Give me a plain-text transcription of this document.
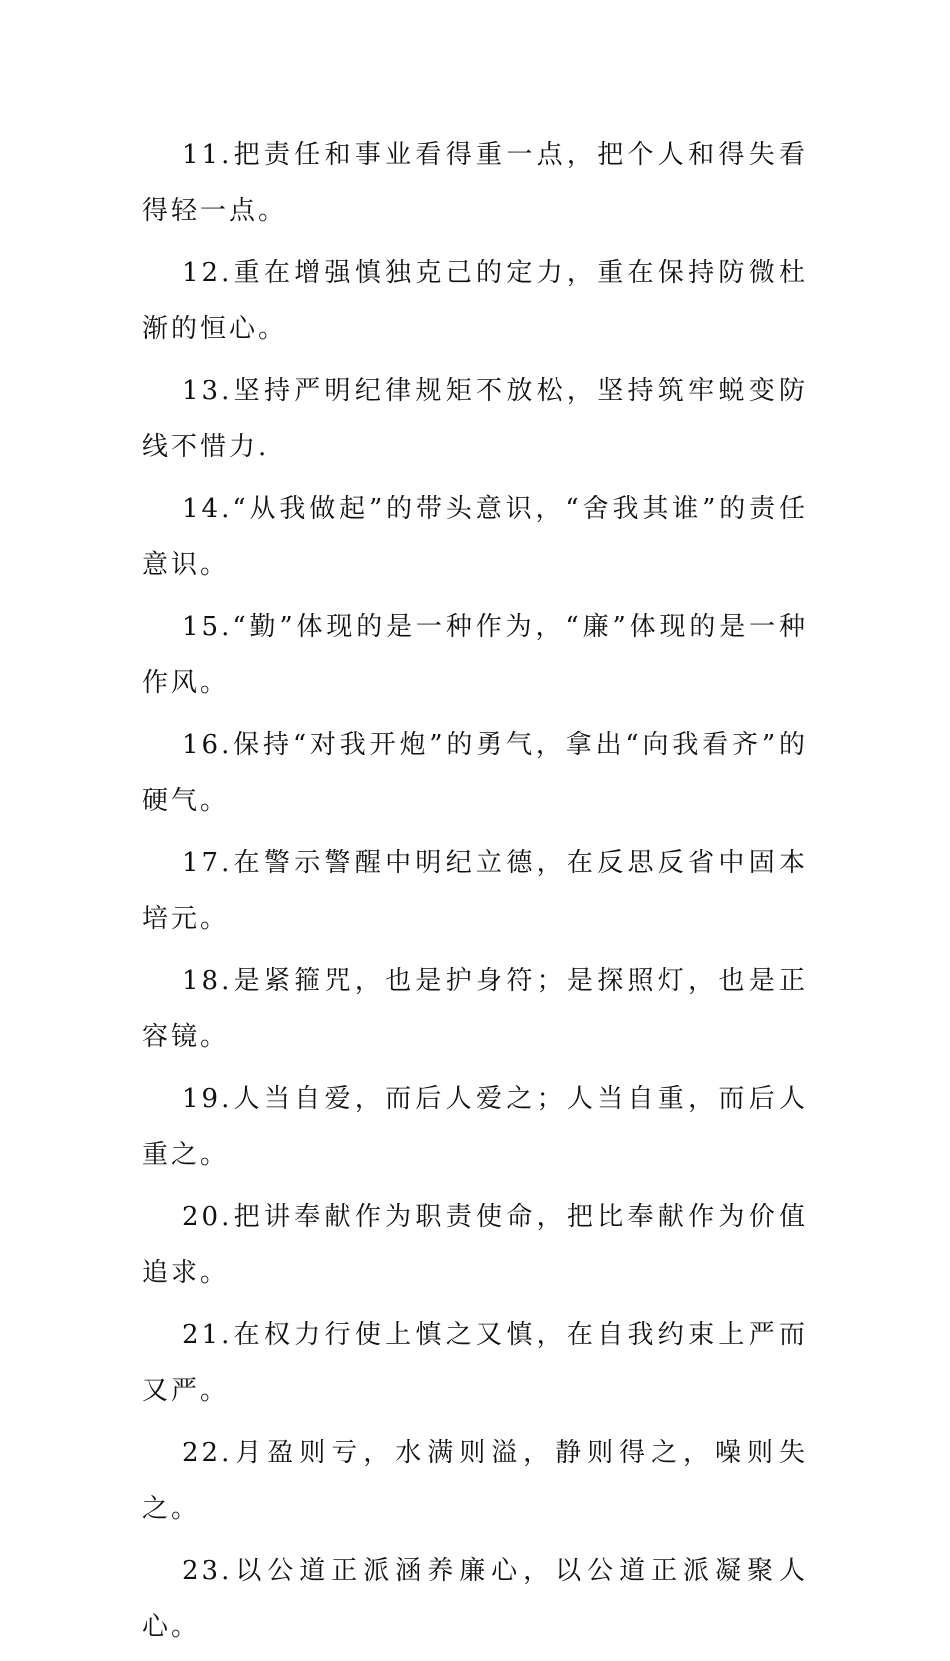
11.把责任和事业看得重一点，把个人和得失看得轻一点。

12.重在增强慎独克己的定力，重在保持防微杜渐的恒心。

13.坚持严明纪律规矩不放松，坚持筑牢蜕变防线不惜力.

14.“从我做起”的带头意识，“舍我其谁”的责任意识。

15.“勤”体现的是一种作为，“廉”体现的是一种作风。

16.保持“对我开炮”的勇气，拿出“向我看齐”的硬气。

17.在警示警醒中明纪立德，在反思反省中固本培元。

18.是紧箍咒，也是护身符；是探照灯，也是正容镜。

19.人当自爱，而后人爱之；人当自重，而后人重之。

20.把讲奉献作为职责使命，把比奉献作为价值追求。

21.在权力行使上慎之又慎，在自我约束上严而又严。

22.月盈则亏，水满则溢，静则得之，噪则失之。

23.以公道正派涵养廉心，以公道正派凝聚人心。
